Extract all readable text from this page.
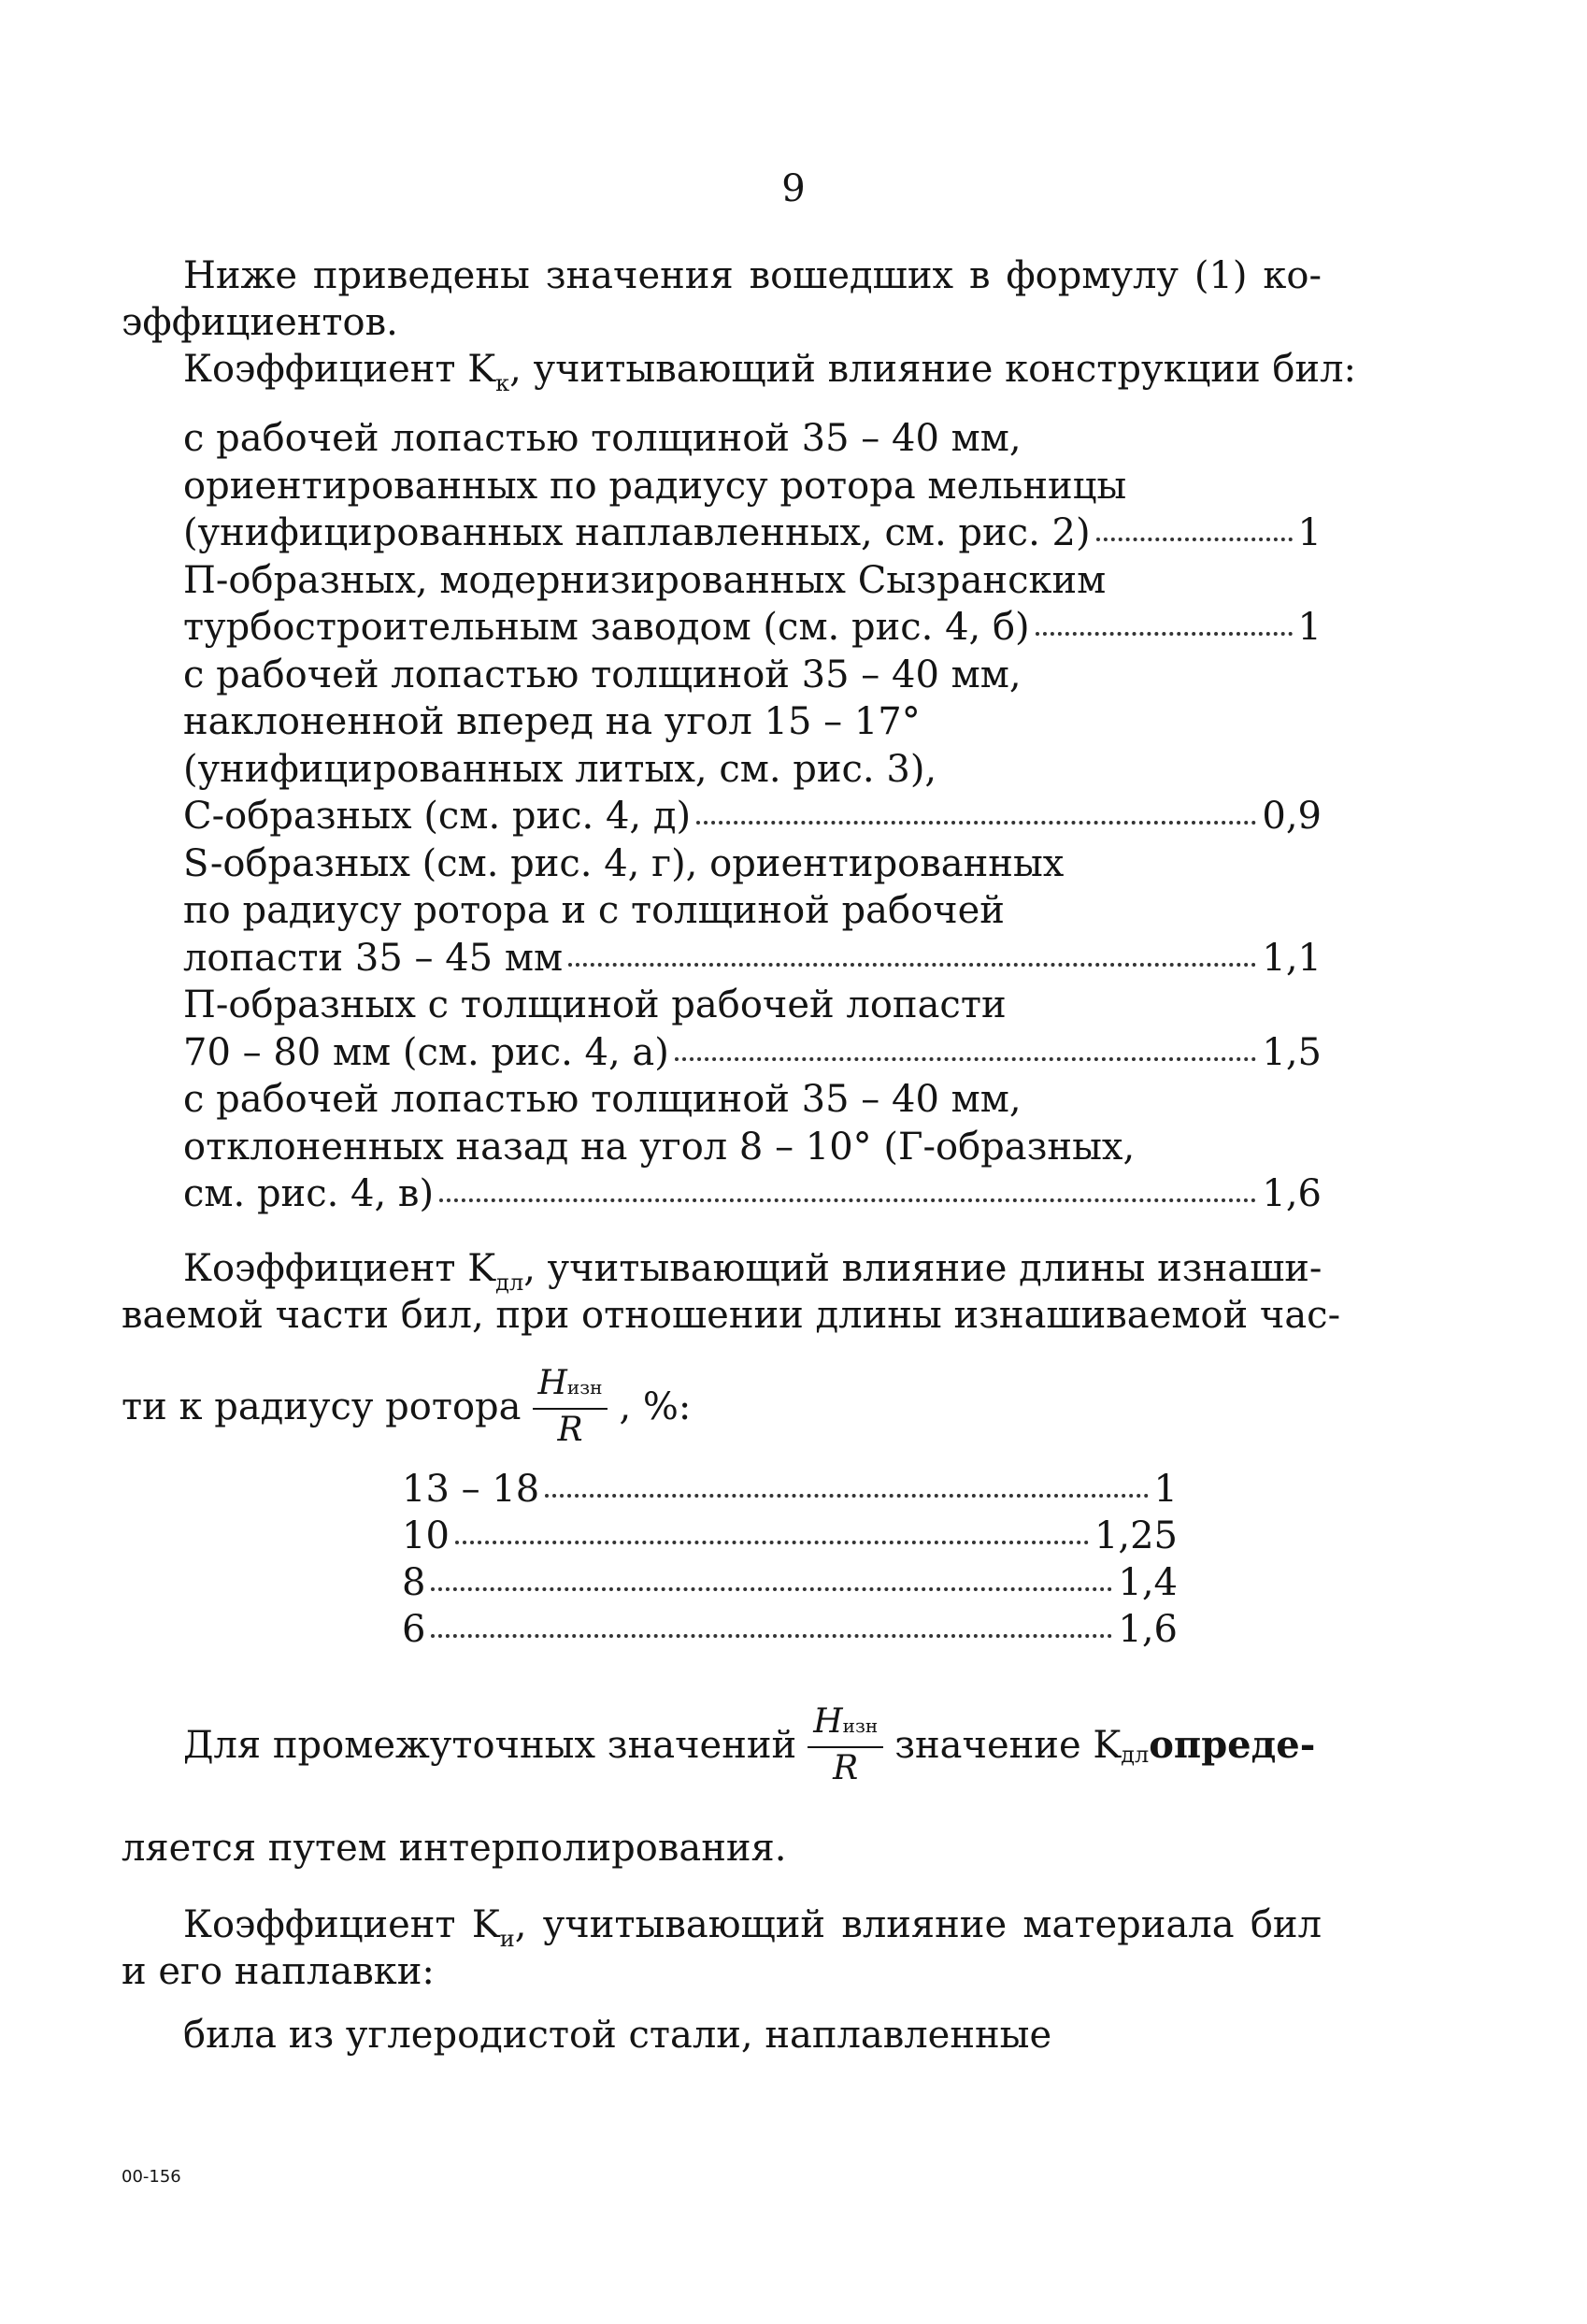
9
Ниже приведены значения вошедших в формулу (1) ко-
эффициентов.
Коэффициент $K_к$, учитывающий влияние конструкции бил:
с рабочей лопастью толщиной 35 – 40 мм,
ориентированных по радиусу ротора мельницы
(унифицированных наплавленных, см. рис. 2)	1
П-образных, модернизированных Сызранским
турбостроительным заводом (см. рис. 4, б)	1
с рабочей лопастью толщиной 35 – 40 мм,
наклоненной вперед на угол 15 – 17°
(унифицированных литых, см. рис. 3),
С-образных (см. рис. 4, д)	0,9
S-образных (см. рис. 4, г), ориентированных
по радиусу ротора и с толщиной рабочей
лопасти 35 – 45 мм	1,1
П-образных с толщиной рабочей лопасти
70 – 80 мм (см. рис. 4, а)	1,5
с рабочей лопастью толщиной 35 – 40 мм,
отклоненных назад на угол 8 – 10° (Г-образных,
см. рис. 4, в)	1,6
Коэффициент $K_{дл}$, учитывающий влияние длины изнаши-
ваемой части бил, при отношении длины изнашиваемой час-
ти к радиусу ротора $\frac{\text{Hизн}}{R}$ , %:
13 – 18	1
10	1,25
8	1,4
6	1,6
Для промежуточных значений $\frac{\text{Hизн}}{R}$ значение K дл опреде-
ляется путем интерполирования.
Коэффициент $K_и$, учитывающий влияние материала бил
и его наплавки:
била из углеродистой стали, наплавленные
00-156
